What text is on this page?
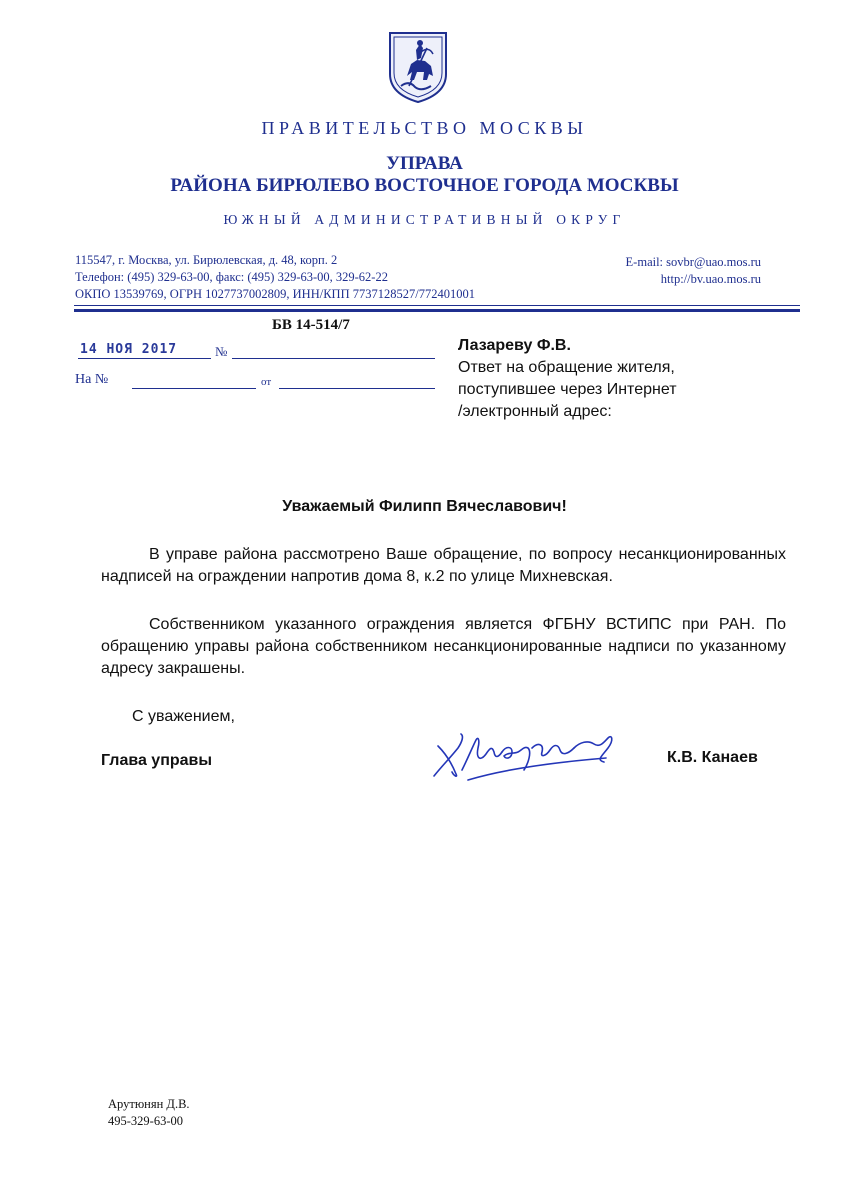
ПРАВИТЕЛЬСТВО МОСКВЫ
УПРАВА
РАЙОНА БИРЮЛЕВО ВОСТОЧНОЕ ГОРОДА МОСКВЫ
ЮЖНЫЙ АДМИНИСТРАТИВНЫЙ ОКРУГ
115547, г. Москва, ул. Бирюлевская, д. 48, корп. 2
Телефон: (495) 329-63-00, факс: (495) 329-63-00, 329-62-22
ОКПО 13539769, ОГРН 1027737002809, ИНН/КПП 7737128527/772401001
E-mail: sovbr@uao.mos.ru
http://bv.uao.mos.ru
БВ 14-514/7
14 НОЯ 2017	№
На №	от
Лазареву Ф.В.
Ответ на обращение жителя,
поступившее через Интернет
/электронный адрес:
Уважаемый Филипп Вячеславович!
В управе района рассмотрено Ваше обращение, по вопросу несанкционированных надписей на ограждении напротив дома 8, к.2 по улице Михневская.
Собственником указанного ограждения является ФГБНУ ВСТИПС при РАН. По обращению управы района собственником несанкционированные надписи по указанному адресу закрашены.
С уважением,
Глава управы	К.В. Канаев
Арутюнян Д.В.
495-329-63-00
